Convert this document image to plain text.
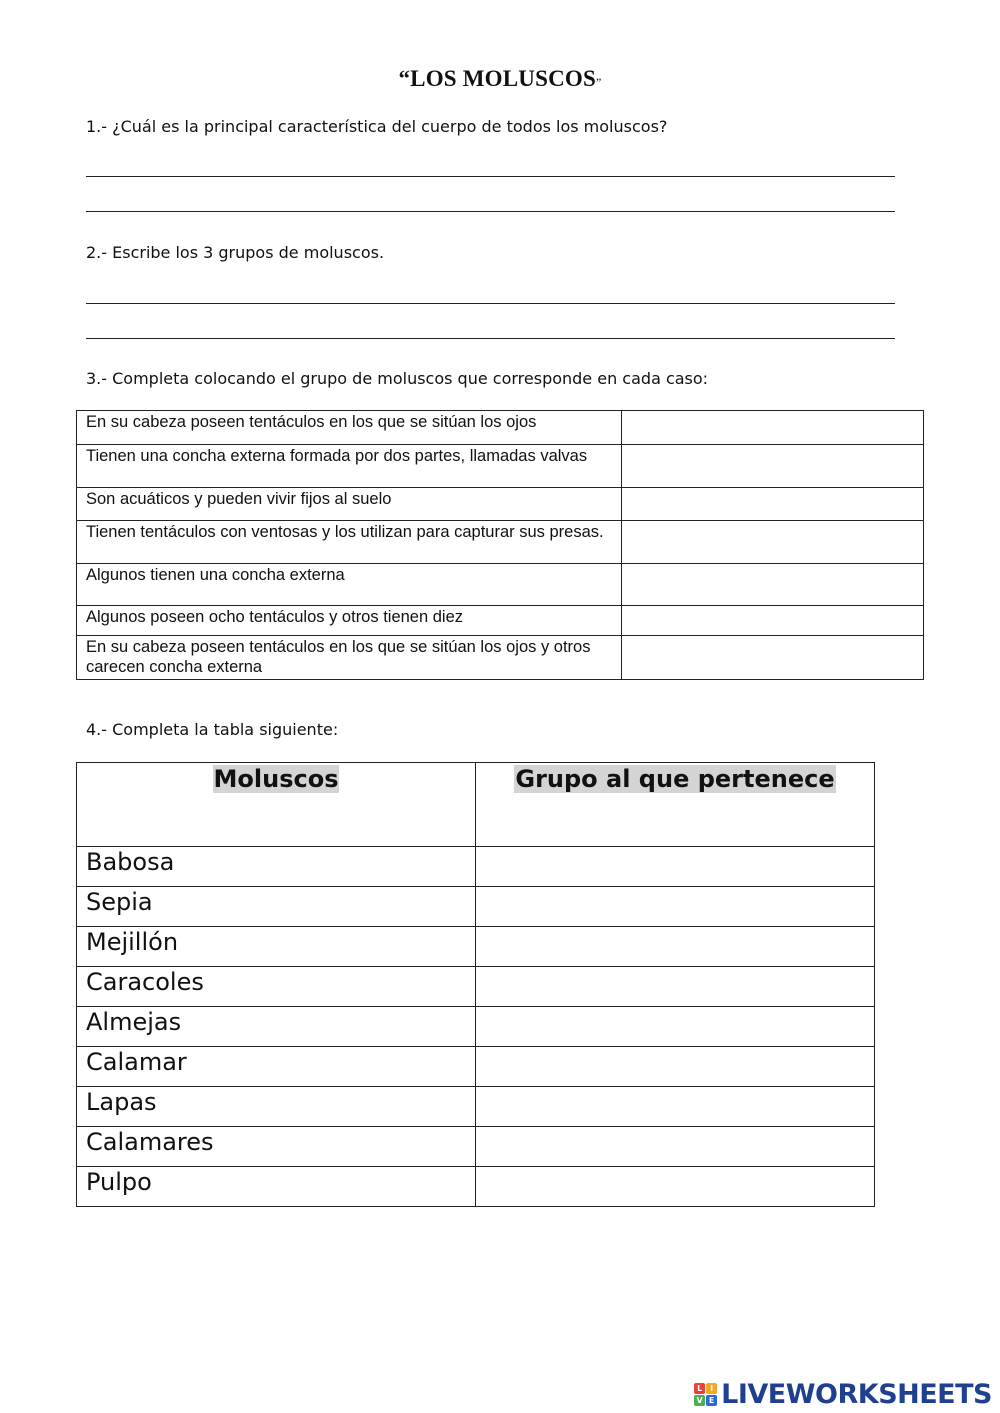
“LOS MOLUSCOS”
1.- ¿Cuál es la principal característica del cuerpo de todos los moluscos?
2.- Escribe los 3 grupos de moluscos.
3.- Completa colocando el grupo de moluscos que corresponde en cada caso:
En su cabeza poseen tentáculos en los que se sitúan los ojos	
Tienen una concha externa formada por dos partes, llamadas valvas	
Son acuáticos y pueden vivir fijos al suelo	
Tienen tentáculos con ventosas y los utilizan para capturar sus presas.	
Algunos tienen una concha externa	
Algunos poseen ocho tentáculos y otros tienen diez	
En su cabeza poseen tentáculos en los que se sitúan los ojos y otros carecen concha externa	
4.- Completa la tabla siguiente:
Moluscos	Grupo al que pertenece
Babosa	
Sepia	
Mejillón	
Caracoles	
Almejas	
Calamar	
Lapas	
Calamares	
Pulpo	
L I
V E LIVEWORKSHEETS
